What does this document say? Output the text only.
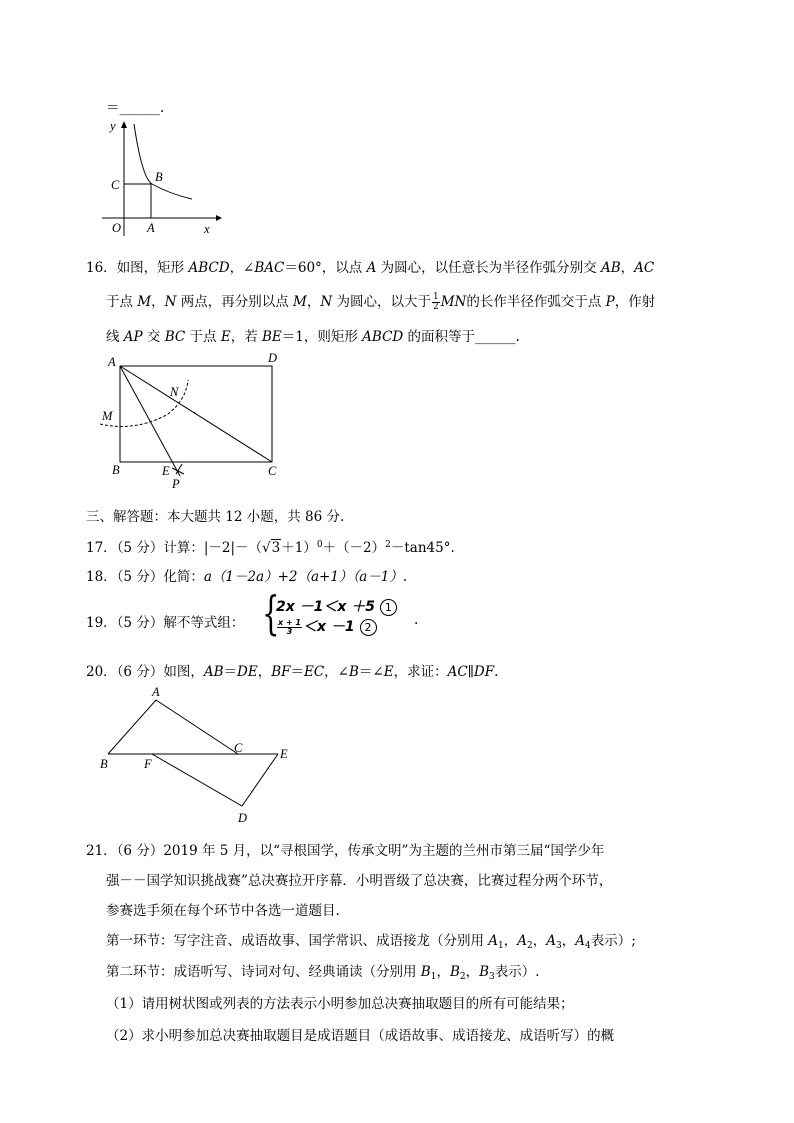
＝______.
y
x
O A
B
C
16．如图，矩形 ABCD，∠BAC＝60°，以点 A 为圆心，以任意长为半径作弧分别交 AB，AC
于点 M，N 两点，再分别以点 M，N 为圆心，以大于 $\frac{1}{2}$ MN的长作半径作弧交于点 P，作射
线 AP 交 BC 于点 E，若 BE＝1，则矩形 ABCD 的面积等于______.
A	D
N
M
B	E	C
P
三、解答题：本大题共 12 小题，共 86 分.
17．（5 分）计算：$|-2|-(√3+1)^0+(-2)^2-\tan 45^\circ$.
18．（5 分）化简：a（1－2a）+2（a+1）（a－1）.
19．（5 分）解不等式组： {
2x －1＜x ＋5 1
$\frac{x + 1}{3} <x -1$ 2	.
20．（6 分）如图，AB＝DE，BF＝EC，∠B＝∠E，求证：AC∥DF.
A
B	F
C	E
D
21．（6 分）2019 年 5 月，以“寻根国学，传承文明”为主题的兰州市第三届“国学少年
强－－国学知识挑战赛”总决赛拉开序幕．小明晋级了总决赛，比赛过程分两个环节，
参赛选手须在每个环节中各选一道题目.
第一环节：写字注音、成语故事、国学常识、成语接龙（分别用 $A_1$，$A_2$，$A_3$，$A_4$表示）;
第二环节：成语听写、诗词对句、经典诵读（分别用 $B_1$，$B_2$，$B_3$表示）.
（1）请用树状图或列表的方法表示小明参加总决赛抽取题目的所有可能结果；
（2）求小明参加总决赛抽取题目是成语题目（成语故事、成语接龙、成语听写）的概
